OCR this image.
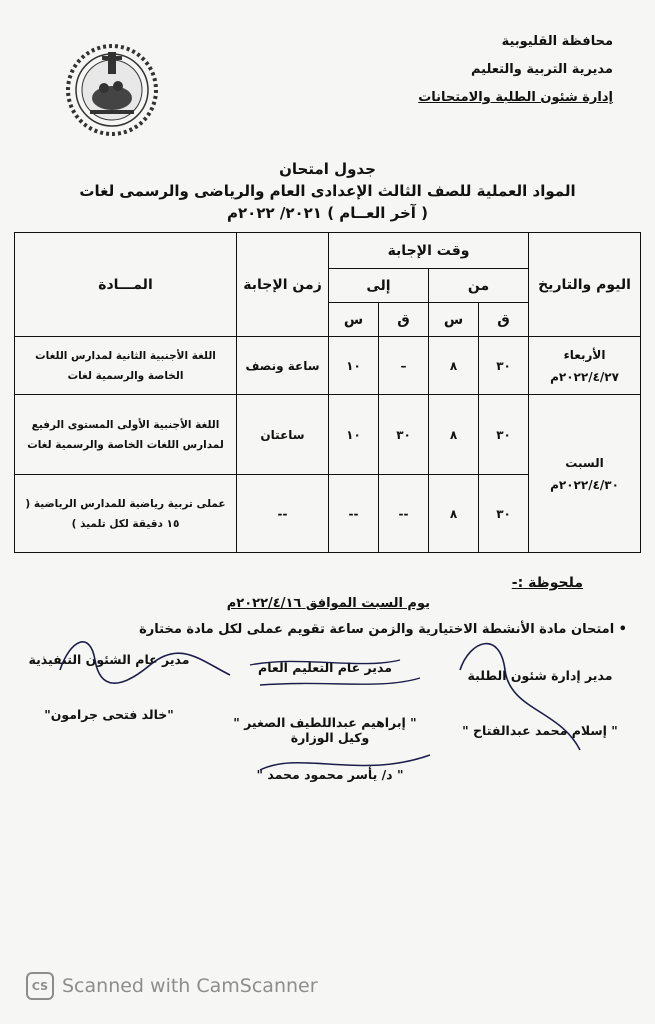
محافظة القليوبية
مديرية التربية والتعليم
إدارة شئون الطلبة والامتحانات
جدول امتحان
المواد العملية للصف الثالث الإعدادى العام والرياضى والرسمى لغات
( آخر العــام ) ٢٠٢١/ ٢٠٢٢م
اليوم والتاريخ	وقت الإجابة				زمن الإجابة	المـــادة
	من		إلى			
	ق	س	ق	س		

الأربعاء
٢٠٢٢/٤/٢٧م	٣٠	٨	–	١٠	ساعة ونصف	اللغة الأجنبية الثانية لمدارس اللغات الخاصة والرسمية لغات

السبت
٢٠٢٢/٤/٣٠م	٣٠	٨	٣٠	١٠	ساعتان	اللغة الأجنبية الأولى المستوى الرفيع لمدارس اللغات الخاصة والرسمية لغات
	٣٠	٨	--	--	--	عملى تربية رياضية للمدارس الرياضية ( ١٥ دقيقة لكل تلميذ )
ملحوظة :-
يوم السبت الموافق ٢٠٢٢/٤/١٦م
• امتحان مادة الأنشطة الاختيارية والزمن ساعة تقويم عملى لكل مادة مختارة
مدير إدارة شئون الطلبة
" إسلام محمد عبدالفتاح "
مدير عام التعليم العام
" إبراهيم عبداللطيف الصغير "
مدير عام الشئون التنفيذية
"خالد فتحى جرامون"
وكيل الوزارة
" د/ يأسر محمود محمد "
CS Scanned with CamScanner
